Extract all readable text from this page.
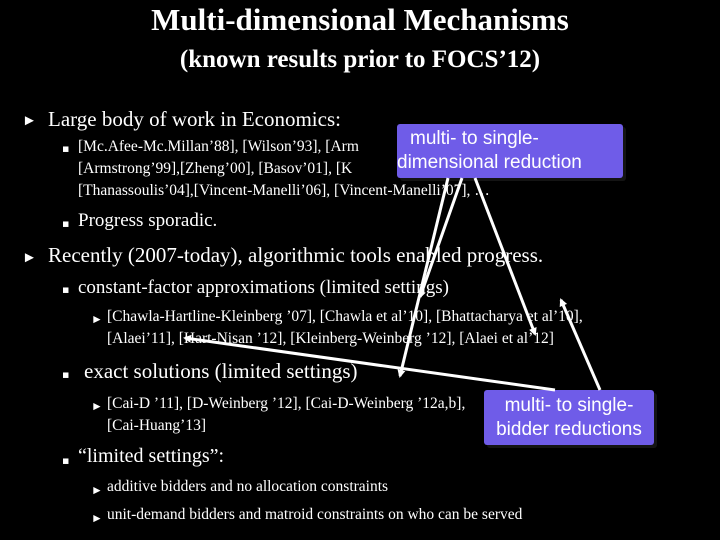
Multi-dimensional Mechanisms
(known results prior to FOCS’12)
► Large body of work in Economics:
▪ [Mc.Afee-Mc.Millan’88], [Wilson’93], [Arm
[Armstrong’99],[Zheng’00], [Basov’01], [K
[Thanassoulis’04],[Vincent-Manelli’06], [Vincent-Manelli’07], …
▪ Progress sporadic.
► Recently (2007-today), algorithmic tools enabled progress.
▪ constant-factor approximations (limited settings)
► [Chawla-Hartline-Kleinberg ’07], [Chawla et al’10], [Bhattacharya et al’10],
[Alaei’11], [Hart-Nisan ’12], [Kleinberg-Weinberg ’12], [Alaei et al’12]
▪ exact solutions (limited settings)
► [Cai-D ’11], [D-Weinberg ’12], [Cai-D-Weinberg ’12a,b],
[Cai-Huang’13]
▪ “limited settings”:
► additive bidders and no allocation constraints
► unit-demand bidders and matroid constraints on who can be served
multi- to single-
dimensional reduction
multi- to single-
bidder reductions
